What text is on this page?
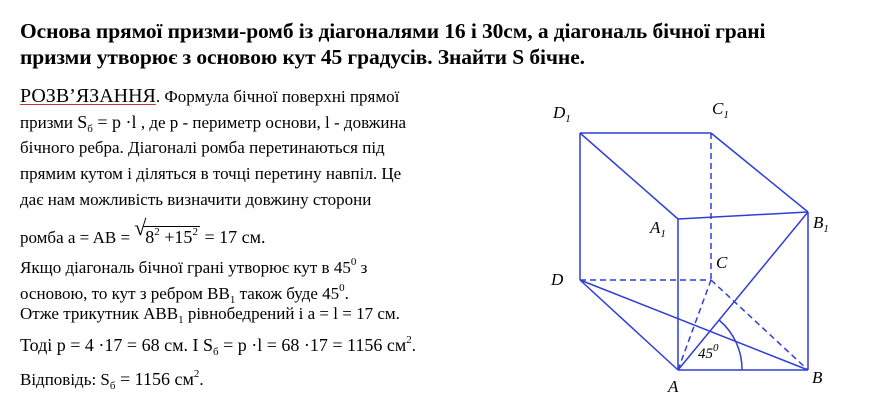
Основа прямої призми-ромб із діагоналями 16 і 30см, а діагональ бічної грані
призми утворює з основою кут 45 градусів. Знайти S бічне.
РОЗВ’ЯЗАННЯ. Формула бічної поверхні прямої
призми $S_б = p \cdot l$ , де p - периметр основи, l - довжина
бічного ребра. Діагоналі ромба перетинаються під
прямим кутом і діляться в точці перетину навпіл. Це
дає нам можливість визначити довжину сторони
ромба a = AB = √
$8^2 +15^2 = 17$ см.
Якщо діагональ бічної грані утворює кут в $45^0$ з
основою, то кут з ребром $BB_1$ також буде $45^0$.
Отже трикутник $ABB_1$ рівнобедрений і a = l = 17 см.
Тоді p = 4 ·17 = 68 см. І $S_б = p \cdot l = 68 \cdot 17 = 1156$ $см^2$.
Відповідь: $S_б = 1156$ $см^2$.
$D_1$
$C_1$
$A_1$
$B_1$
D
C
A	B
$45^0$
